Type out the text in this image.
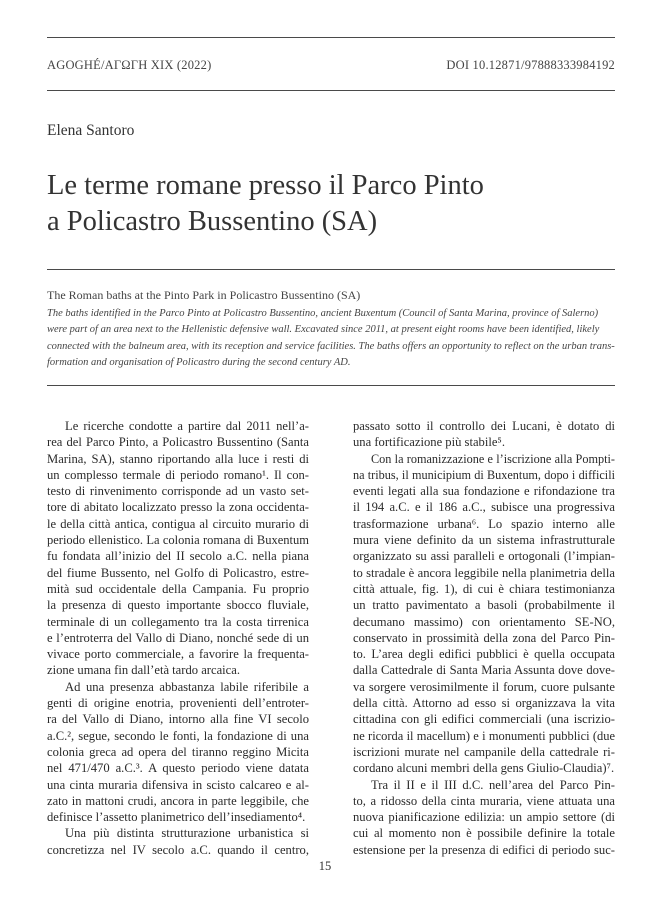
AGOGHÉ/ΑΓΩΓΗ XIX (2022)	DOI 10.12871/97888333984192
Elena Santoro
Le terme romane presso il Parco Pinto
a Policastro Bussentino (SA)
The Roman baths at the Pinto Park in Policastro Bussentino (SA)
The baths identified in the Parco Pinto at Policastro Bussentino, ancient Buxentum (Council of Santa Marina, province of Salerno)
were part of an area next to the Hellenistic defensive wall. Excavated since 2011, at present eight rooms have been identified, likely
connected with the balneum area, with its reception and service facilities. The baths offers an opportunity to reflect on the urban trans-
formation and organisation of Policastro during the second century AD.
Le ricerche condotte a partire dal 2011 nell’a-
rea del Parco Pinto, a Policastro Bussentino (Santa
Marina, SA), stanno riportando alla luce i resti di
un complesso termale di periodo romano¹. Il con-
testo di rinvenimento corrisponde ad un vasto set-
tore di abitato localizzato presso la zona occidenta-
le della città antica, contigua al circuito murario di
periodo ellenistico. La colonia romana di Buxentum
fu fondata all’inizio del II secolo a.C. nella piana
del fiume Bussento, nel Golfo di Policastro, estre-
mità sud occidentale della Campania. Fu proprio
la presenza di questo importante sbocco fluviale,
terminale di un collegamento tra la costa tirrenica
e l’entroterra del Vallo di Diano, nonché sede di un
vivace porto commerciale, a favorire la frequenta-
zione umana fin dall’età tardo arcaica.
Ad una presenza abbastanza labile riferibile a
genti di origine enotria, provenienti dell’entroter-
ra del Vallo di Diano, intorno alla fine VI secolo
a.C.², segue, secondo le fonti, la fondazione di una
colonia greca ad opera del tiranno reggino Micita
nel 471/470 a.C.³. A questo periodo viene datata
una cinta muraria difensiva in scisto calcareo e al-
zato in mattoni crudi, ancora in parte leggibile, che
definisce l’assetto planimetrico dell’insediamento⁴.
Una più distinta strutturazione urbanistica si
concretizza nel IV secolo a.C. quando il centro,
passato sotto il controllo dei Lucani, è dotato di
una fortificazione più stabile⁵.
Con la romanizzazione e l’iscrizione alla Pompti-
na tribus, il municipium di Buxentum, dopo i difficili
eventi legati alla sua fondazione e rifondazione tra
il 194 a.C. e il 186 a.C., subisce una progressiva
trasformazione urbana⁶. Lo spazio interno alle
mura viene definito da un sistema infrastrutturale
organizzato su assi paralleli e ortogonali (l’impian-
to stradale è ancora leggibile nella planimetria della
città attuale, fig. 1), di cui è chiara testimonianza
un tratto pavimentato a basoli (probabilmente il
decumano massimo) con orientamento SE-NO,
conservato in prossimità della zona del Parco Pin-
to. L’area degli edifici pubblici è quella occupata
dalla Cattedrale di Santa Maria Assunta dove dove-
va sorgere verosimilmente il forum, cuore pulsante
della città. Attorno ad esso si organizzava la vita
cittadina con gli edifici commerciali (una iscrizio-
ne ricorda il macellum) e i monumenti pubblici (due
iscrizioni murate nel campanile della cattedrale ri-
cordano alcuni membri della gens Giulio-Claudia)⁷.
Tra il II e il III d.C. nell’area del Parco Pin-
to, a ridosso della cinta muraria, viene attuata una
nuova pianificazione edilizia: un ampio settore (di
cui al momento non è possibile definire la totale
estensione per la presenza di edifici di periodo suc-
15
